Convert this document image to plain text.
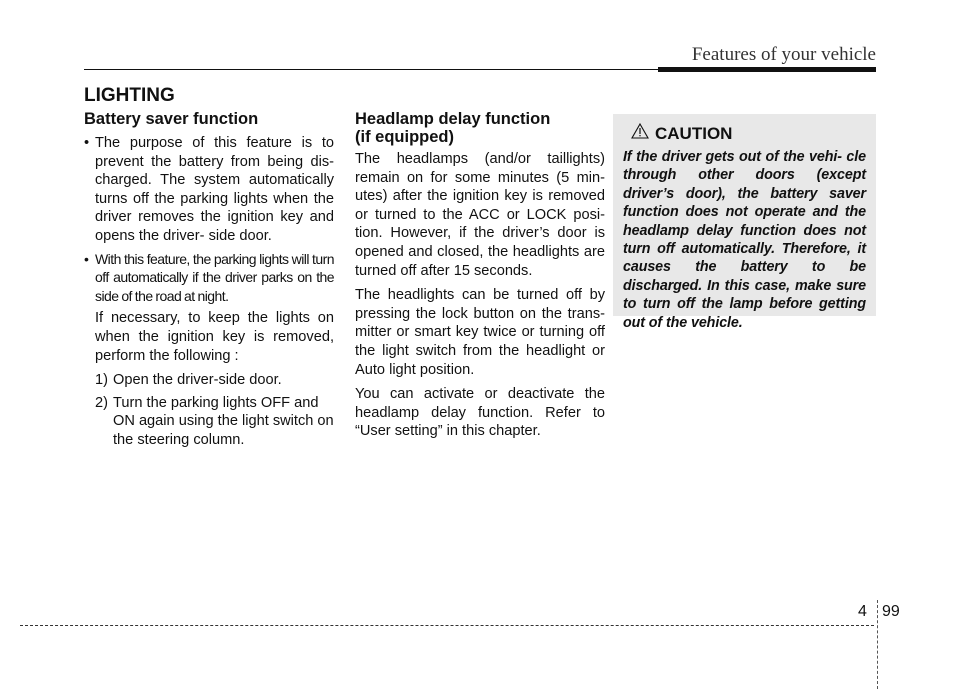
Features of your vehicle
LIGHTING
Battery saver function
• The purpose of this feature is to prevent the battery from being dis- charged. The system automatically turns off the parking lights when the driver removes the ignition key and opens the driver- side door.
• With this feature, the parking lights will turn off automatically if the driver parks on the side of the road at night.

If necessary, to keep the lights on when the ignition key is removed, perform the following :

1) Open the driver-side door.
2) Turn the parking lights OFF and ON again using the light switch on the steering column.
Headlamp delay function
(if equipped)

The headlamps (and/or taillights) remain on for some minutes (5 min- utes) after the ignition key is removed or turned to the ACC or LOCK posi- tion. However, if the driver’s door is opened and closed, the headlights are turned off after 15 seconds.

The headlights can be turned off by pressing the lock button on the trans- mitter or smart key twice or turning off the light switch from the headlight or Auto light position.

You can activate or deactivate the headlamp delay function. Refer to “User setting” in this chapter.

CAUTION
If the driver gets out of the vehi- cle through other doors (except driver’s door), the battery saver function does not operate and the headlamp delay function does not turn off automatically. Therefore, it causes the battery to be discharged. In this case, make sure to turn off the lamp before getting out of the vehicle.
4 99
